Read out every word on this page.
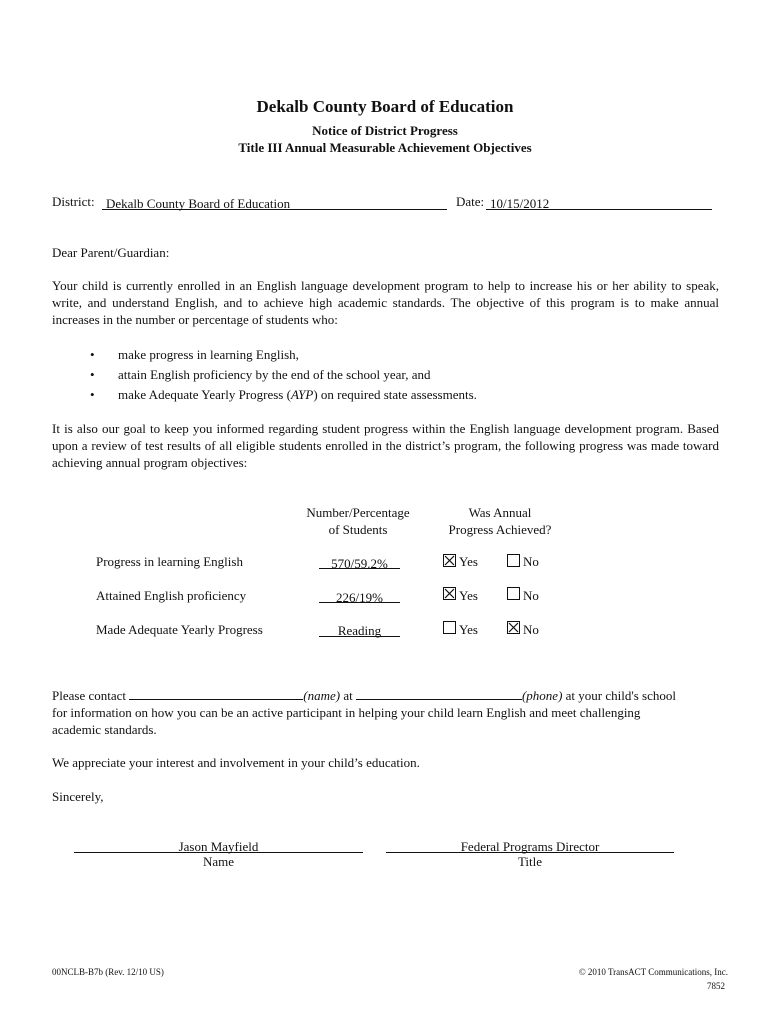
Dekalb County Board of Education
Notice of District Progress
Title III Annual Measurable Achievement Objectives
District: Dekalb County Board of Education	Date: 10/15/2012
Dear Parent/Guardian:
Your child is currently enrolled in an English language development program to help to increase his or her ability to speak, write, and understand English, and to achieve high academic standards. The objective of this program is to make annual increases in the number or percentage of students who:
• make progress in learning English,
• attain English proficiency by the end of the school year, and
• make Adequate Yearly Progress (AYP) on required state assessments.
It is also our goal to keep you informed regarding student progress within the English language development program. Based upon a review of test results of all eligible students enrolled in the district’s program, the following progress was made toward achieving annual program objectives:
Number/Percentage
of Students
Was Annual
Progress Achieved?
Progress in learning English	570/59.2%	Yes	No
Attained English proficiency	226/19%	Yes	No
Made Adequate Yearly Progress	Reading	Yes	No
Please contact	(name) at	(phone) at your child's school
for information on how you can be an active participant in helping your child learn English and meet challenging
academic standards.
We appreciate your interest and involvement in your child’s education.
Sincerely,
Jason Mayfield
Name
Federal Programs Director
Title
00NCLB-B7b (Rev. 12/10 US)	© 2010 TransACT Communications, Inc.
7852
